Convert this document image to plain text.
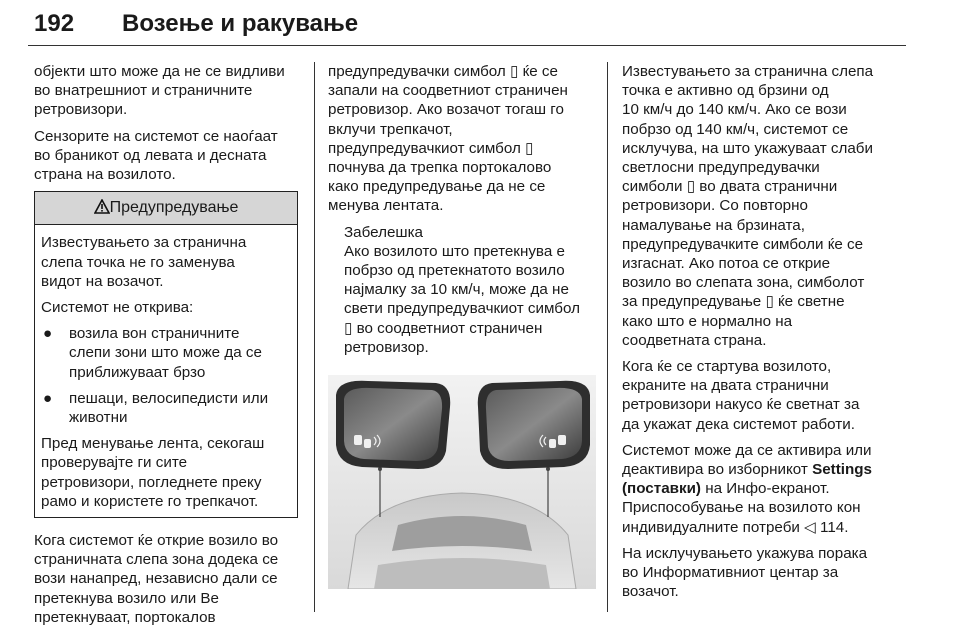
192 Возење и ракување

објекти што може да не се видливи
во внатрешниот и страничните
ретровизори.

Сензорите на системот се наоѓаат
во браникот од левата и десната
страна на возилото.

Предупредување

Известувањето за странична
слепа точка не го заменува
видот на возачот.

Системот не открива:

● возила вон страничните
слепи зони што може да се
приближуваат брзо
● пешаци, велосипедисти или
животни

Пред менување лента, секогаш
проверувајте ги сите
ретровизори, погледнете преку
рамо и користете го трепкачот.

Кога системот ќе открие возило во
страничната слепа зона додека се
вози нанапред, независно дали се
претекнува возило или Ве
претекнуваат, портокалов

предупредувачки симбол ▯ ќе се
запали на соодветниот страничен
ретровизор. Ако возачот тогаш го
вклучи трепкачот,
предупредувачкиот симбол ▯
почнува да трепка портокалово
како предупредување да не се
менува лентата.

Забелешка
Ако возилото што претекнува е
побрзо од претекнатото возило
најмалку за 10 км/ч, може да не
свети предупредувачкиот симбол
▯ во соодветниот страничен
ретровизор.

Известувањето за странична слепа
точка е активно од брзини од
10 км/ч до 140 км/ч. Ако се вози
побрзо од 140 км/ч, системот се
исклучува, на што укажуваат слаби
светлосни предупредувачки
симболи ▯ во двата странични
ретровизори. Со повторно
намалување на брзината,
предупредувачките симболи ќе се
изгаснат. Ако потоа се открие
возило во слепата зона, симболот
за предупредување ▯ ќе светне
како што е нормално на
соодветната страна.

Кога ќе се стартува возилото,
екраните на двата странични
ретровизори накусо ќе светнат за
да укажат дека системот работи.

Системот може да се активира или
деактивира во изборникот Settings
(поставки) на Инфо-екранот.
Приспособување на возилото кон
индивидуалните потреби ◁ 114.

На исклучувањето укажува порака
во Информативниот центар за
возачот.
